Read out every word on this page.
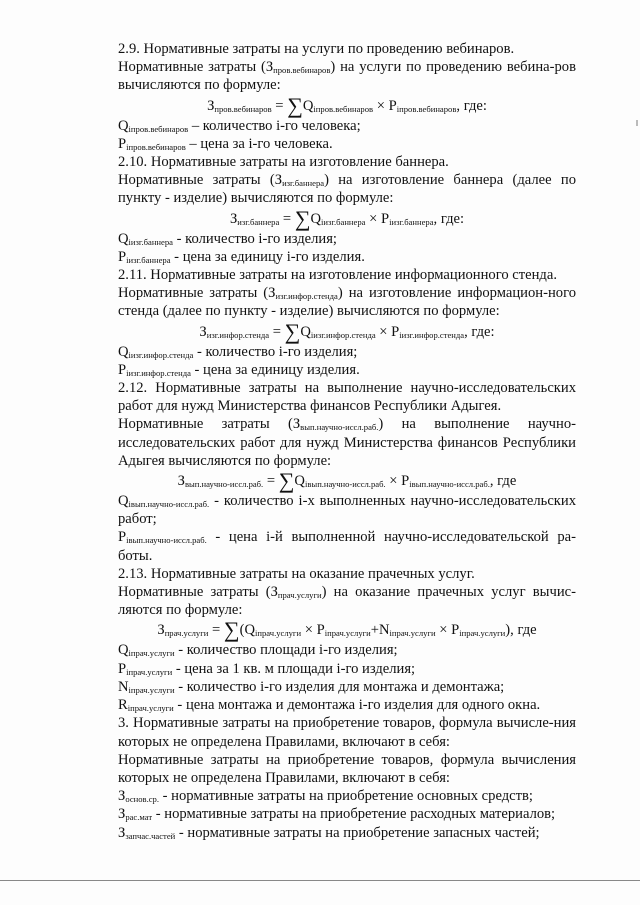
2.9. Нормативные затраты на услуги по проведению вебинаров.

Нормативные затраты (Зпров.вебинаров) на услуги по проведению вебина-ров вычисляются по формуле:

Зпров.вебинаров = ∑Qiпров.вебинаров × Piпров.вебинаров, где:

Qiпров.вебинаров – количество i-го человека;

Piпров.вебинаров – цена за i-го человека.

2.10. Нормативные затраты на изготовление баннера.

Нормативные затраты (Зизг.баннера) на изготовление баннера (далее по пункту - изделие) вычисляются по формуле:

Зизг.баннера = ∑Qiизг.баннера × Piизг.баннера, где:

Qiизг.баннера - количество i-го изделия;

Piизг.баннера - цена за единицу i-го изделия.

2.11. Нормативные затраты на изготовление информационного стенда.

Нормативные затраты (Зизг.инфор.стенда) на изготовление информацион-ного стенда (далее по пункту - изделие) вычисляются по формуле:

Зизг.инфор.стенда = ∑Qiизг.инфор.стенда × Piизг.инфор.стенда, где:

Qiизг.инфор.стенда - количество i-го изделия;

Piизг.инфор.стенда - цена за единицу изделия.

2.12. Нормативные затраты на выполнение научно-исследовательских работ для нужд Министерства финансов Республики Адыгея.

Нормативные затраты (Звып.научно-иссл.раб.) на выполнение научно-исследовательских работ для нужд Министерства финансов Республики Адыгея вычисляются по формуле:

Звып.научно-иссл.раб. = ∑Qiвып.научно-иссл.раб. × Piвып.научно-иссл.раб., где

Qiвып.научно-иссл.раб. - количество i-х выполненных научно-исследовательских работ;

Piвып.научно-иссл.раб. - цена i-й выполненной научно-исследовательской ра-боты.

2.13. Нормативные затраты на оказание прачечных услуг.

Нормативные затраты (Зпрач.услуги) на оказание прачечных услуг вычис-ляются по формуле:

Зпрач.услуги = ∑(Qiпрач.услуги × Piпрач.услуги+Niпрач.услуги × Piпрач.услуги), где

Qiпрач.услуги - количество площади i-го изделия;

Piпрач.услуги - цена за 1 кв. м площади i-го изделия;

Niпрач.услуги - количество i-го изделия для монтажа и демонтажа;

Riпрач.услуги - цена монтажа и демонтажа i-го изделия для одного окна.

3. Нормативные затраты на приобретение товаров, формула вычисле-ния которых не определена Правилами, включают в себя:

Нормативные затраты на приобретение товаров, формула вычисления которых не определена Правилами, включают в себя:

Зоснов.ср. - нормативные затраты на приобретение основных средств;

Зрас.мат - нормативные затраты на приобретение расходных материалов;

Ззапчас.частей - нормативные затраты на приобретение запасных частей;
